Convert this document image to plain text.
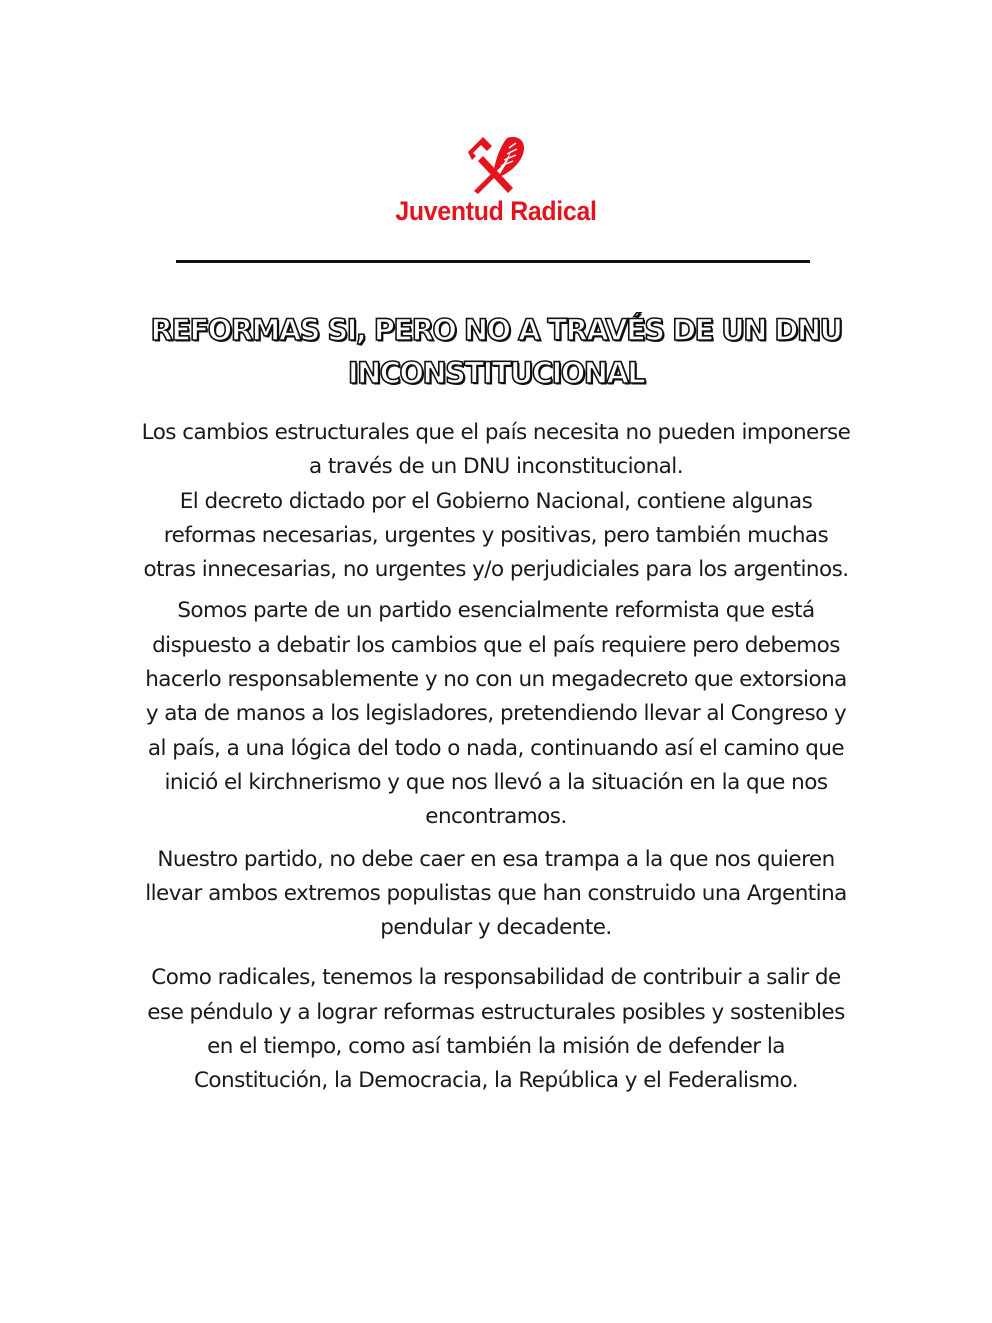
Juventud Radical
REFORMAS SI, PERO NO A TRAVÉS DE UN DNU
INCONSTITUCIONAL

Los cambios estructurales que el país necesita no pueden imponerse
a través de un DNU inconstitucional.
El decreto dictado por el Gobierno Nacional, contiene algunas
reformas necesarias, urgentes y positivas, pero también muchas
otras innecesarias, no urgentes y/o perjudiciales para los argentinos.

Somos parte de un partido esencialmente reformista que está
dispuesto a debatir los cambios que el país requiere pero debemos
hacerlo responsablemente y no con un megadecreto que extorsiona
y ata de manos a los legisladores, pretendiendo llevar al Congreso y
al país, a una lógica del todo o nada, continuando así el camino que
inició el kirchnerismo y que nos llevó a la situación en la que nos
encontramos.

Nuestro partido, no debe caer en esa trampa a la que nos quieren
llevar ambos extremos populistas que han construido una Argentina
pendular y decadente.

Como radicales, tenemos la responsabilidad de contribuir a salir de
ese péndulo y a lograr reformas estructurales posibles y sostenibles
en el tiempo, como así también la misión de defender la
Constitución, la Democracia, la República y el Federalismo.
